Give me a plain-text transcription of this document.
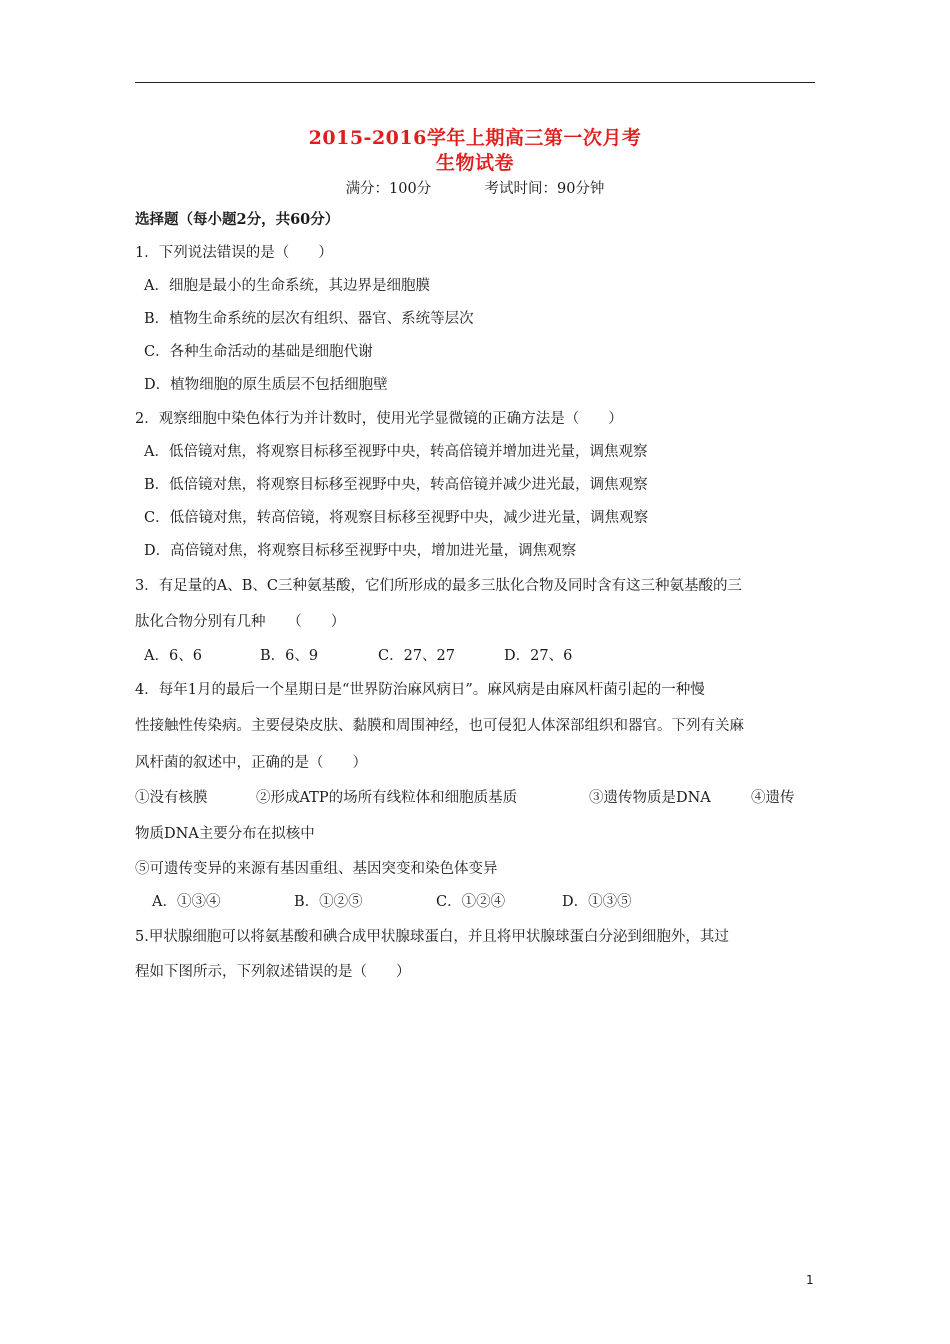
2015-2016学年上期高三第一次月考
生物试卷
满分：100分	考试时间：90分钟
选择题（每小题2分，共60分）
1．下列说法错误的是（　　）
A．细胞是最小的生命系统，其边界是细胞膜
B．植物生命系统的层次有组织、器官、系统等层次
C．各种生命活动的基础是细胞代谢
D．植物细胞的原生质层不包括细胞壁
2．观察细胞中染色体行为并计数时，使用光学显微镜的正确方法是（　　）
A．低倍镜对焦，将观察目标移至视野中央，转高倍镜并增加进光量，调焦观察
B．低倍镜对焦，将观察目标移至视野中央，转高倍镜并减少进光最，调焦观察
C．低倍镜对焦，转高倍镜，将观察目标移至视野中央，减少进光量，调焦观察
D．高倍镜对焦，将观察目标移至视野中央，增加进光量，调焦观察
3．有足量的A、B、C三种氨基酸，它们所形成的最多三肽化合物及同时含有这三种氨基酸的三
肽化合物分别有几种　　（　　）
A．6、6	B．6、9	C．27、27	D．27、6
4．每年1月的最后一个星期日是“世界防治麻风病日”。麻风病是由麻风杆菌引起的一种慢
性接触性传染病。主要侵染皮肤、黏膜和周围神经，也可侵犯人体深部组织和器官。下列有关麻
风杆菌的叙述中，正确的是（　　）
①没有核膜	②形成ATP的场所有线粒体和细胞质基质	③遗传物质是DNA	④遗传
物质DNA主要分布在拟核中
⑤可遗传变异的来源有基因重组、基因突变和染色体变异
A．①③④	B．①②⑤	C．①②④	D．①③⑤
5.甲状腺细胞可以将氨基酸和碘合成甲状腺球蛋白，并且将甲状腺球蛋白分泌到细胞外，其过
程如下图所示，下列叙述错误的是（　　）
1
